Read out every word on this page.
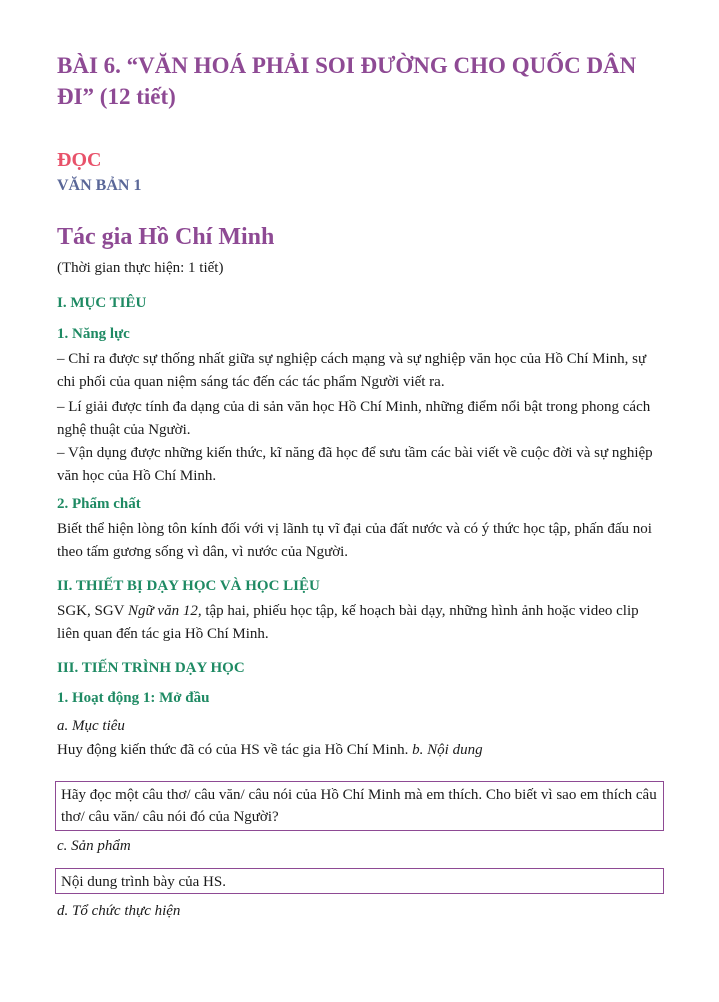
BÀI 6. “VĂN HOÁ PHẢI SOI ĐƯỜNG CHO QUỐC DÂN ĐI” (12 tiết)
ĐỌC
VĂN BẢN 1
Tác gia Hồ Chí Minh
(Thời gian thực hiện: 1 tiết)
I. MỤC TIÊU
1. Năng lực

– Chỉ ra được sự thống nhất giữa sự nghiệp cách mạng và sự nghiệp văn học của Hồ Chí Minh, sự chi phối của quan niệm sáng tác đến các tác phẩm Người viết ra.

– Lí giải được tính đa dạng của di sản văn học Hồ Chí Minh, những điểm nổi bật trong phong cách nghệ thuật của Người.

– Vận dụng được những kiến thức, kĩ năng đã học để sưu tầm các bài viết về cuộc đời và sự nghiệp văn học của Hồ Chí Minh.

2. Phẩm chất

Biết thể hiện lòng tôn kính đối với vị lãnh tụ vĩ đại của đất nước và có ý thức học tập, phấn đấu noi theo tấm gương sống vì dân, vì nước của Người.

II. THIẾT BỊ DẠY HỌC VÀ HỌC LIỆU

SGK, SGV Ngữ văn 12, tập hai, phiếu học tập, kế hoạch bài dạy, những hình ảnh hoặc video clip liên quan đến tác gia Hồ Chí Minh.

III. TIẾN TRÌNH DẠY HỌC
1. Hoạt động 1: Mở đầu
a. Mục tiêu
Huy động kiến thức đã có của HS về tác gia Hồ Chí Minh. b. Nội dung
Hãy đọc một câu thơ/ câu văn/ câu nói của Hồ Chí Minh mà em thích. Cho biết vì sao em thích câu thơ/ câu văn/ câu nói đó của Người?
c. Sản phẩm
Nội dung trình bày của HS.
d. Tổ chức thực hiện
